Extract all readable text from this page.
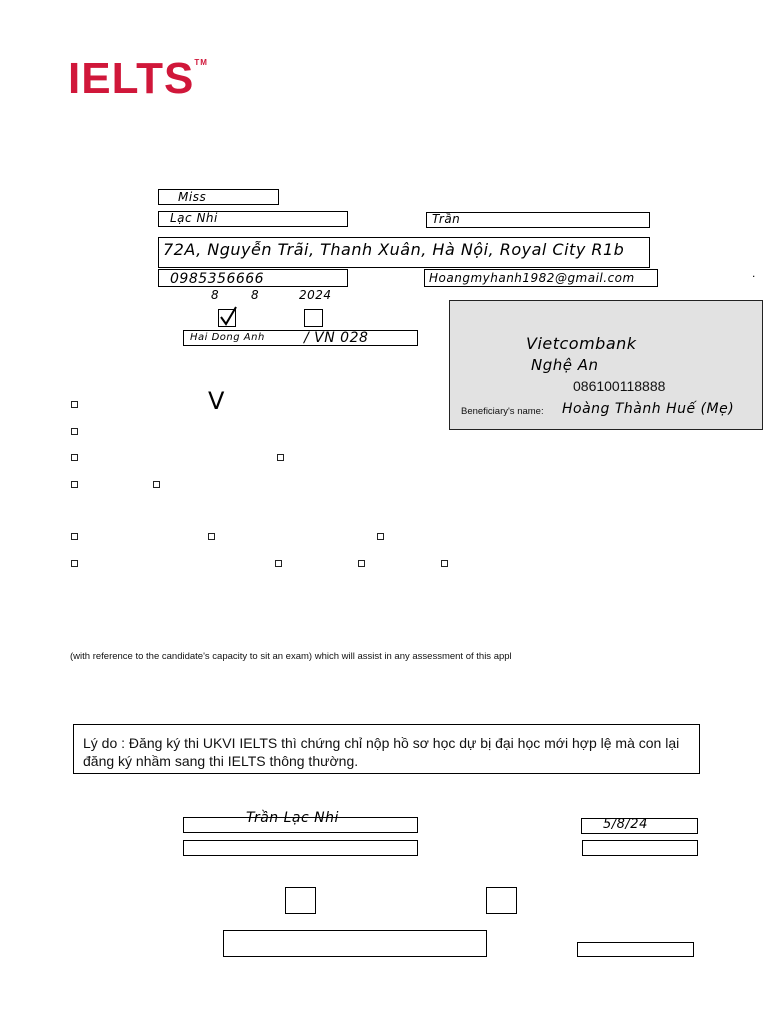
IELTS™
Miss
Lạc Nhi	Trần
72A, Nguyễn Trãi, Thanh Xuân, Hà Nội, Royal City R1b
0985356666	Hoangmyhanh1982@gmail.com	.
8	8	2024
Hai Dong Anh	/ VN 028	Vietcombank
Nghệ An
086100118888
Beneficiary's name: Hoàng Thành Huế (Mẹ)
V
(with reference to the candidate's capacity to sit an exam) which will assist in any assessment of this appl
Lý do : Đăng ký thi UKVI IELTS thì chứng chỉ nộp hồ sơ học dự bị đại học mới hợp lệ mà con lại đăng ký nhầm sang thi IELTS thông thường.
Trần Lạc Nhi	5/8/24
